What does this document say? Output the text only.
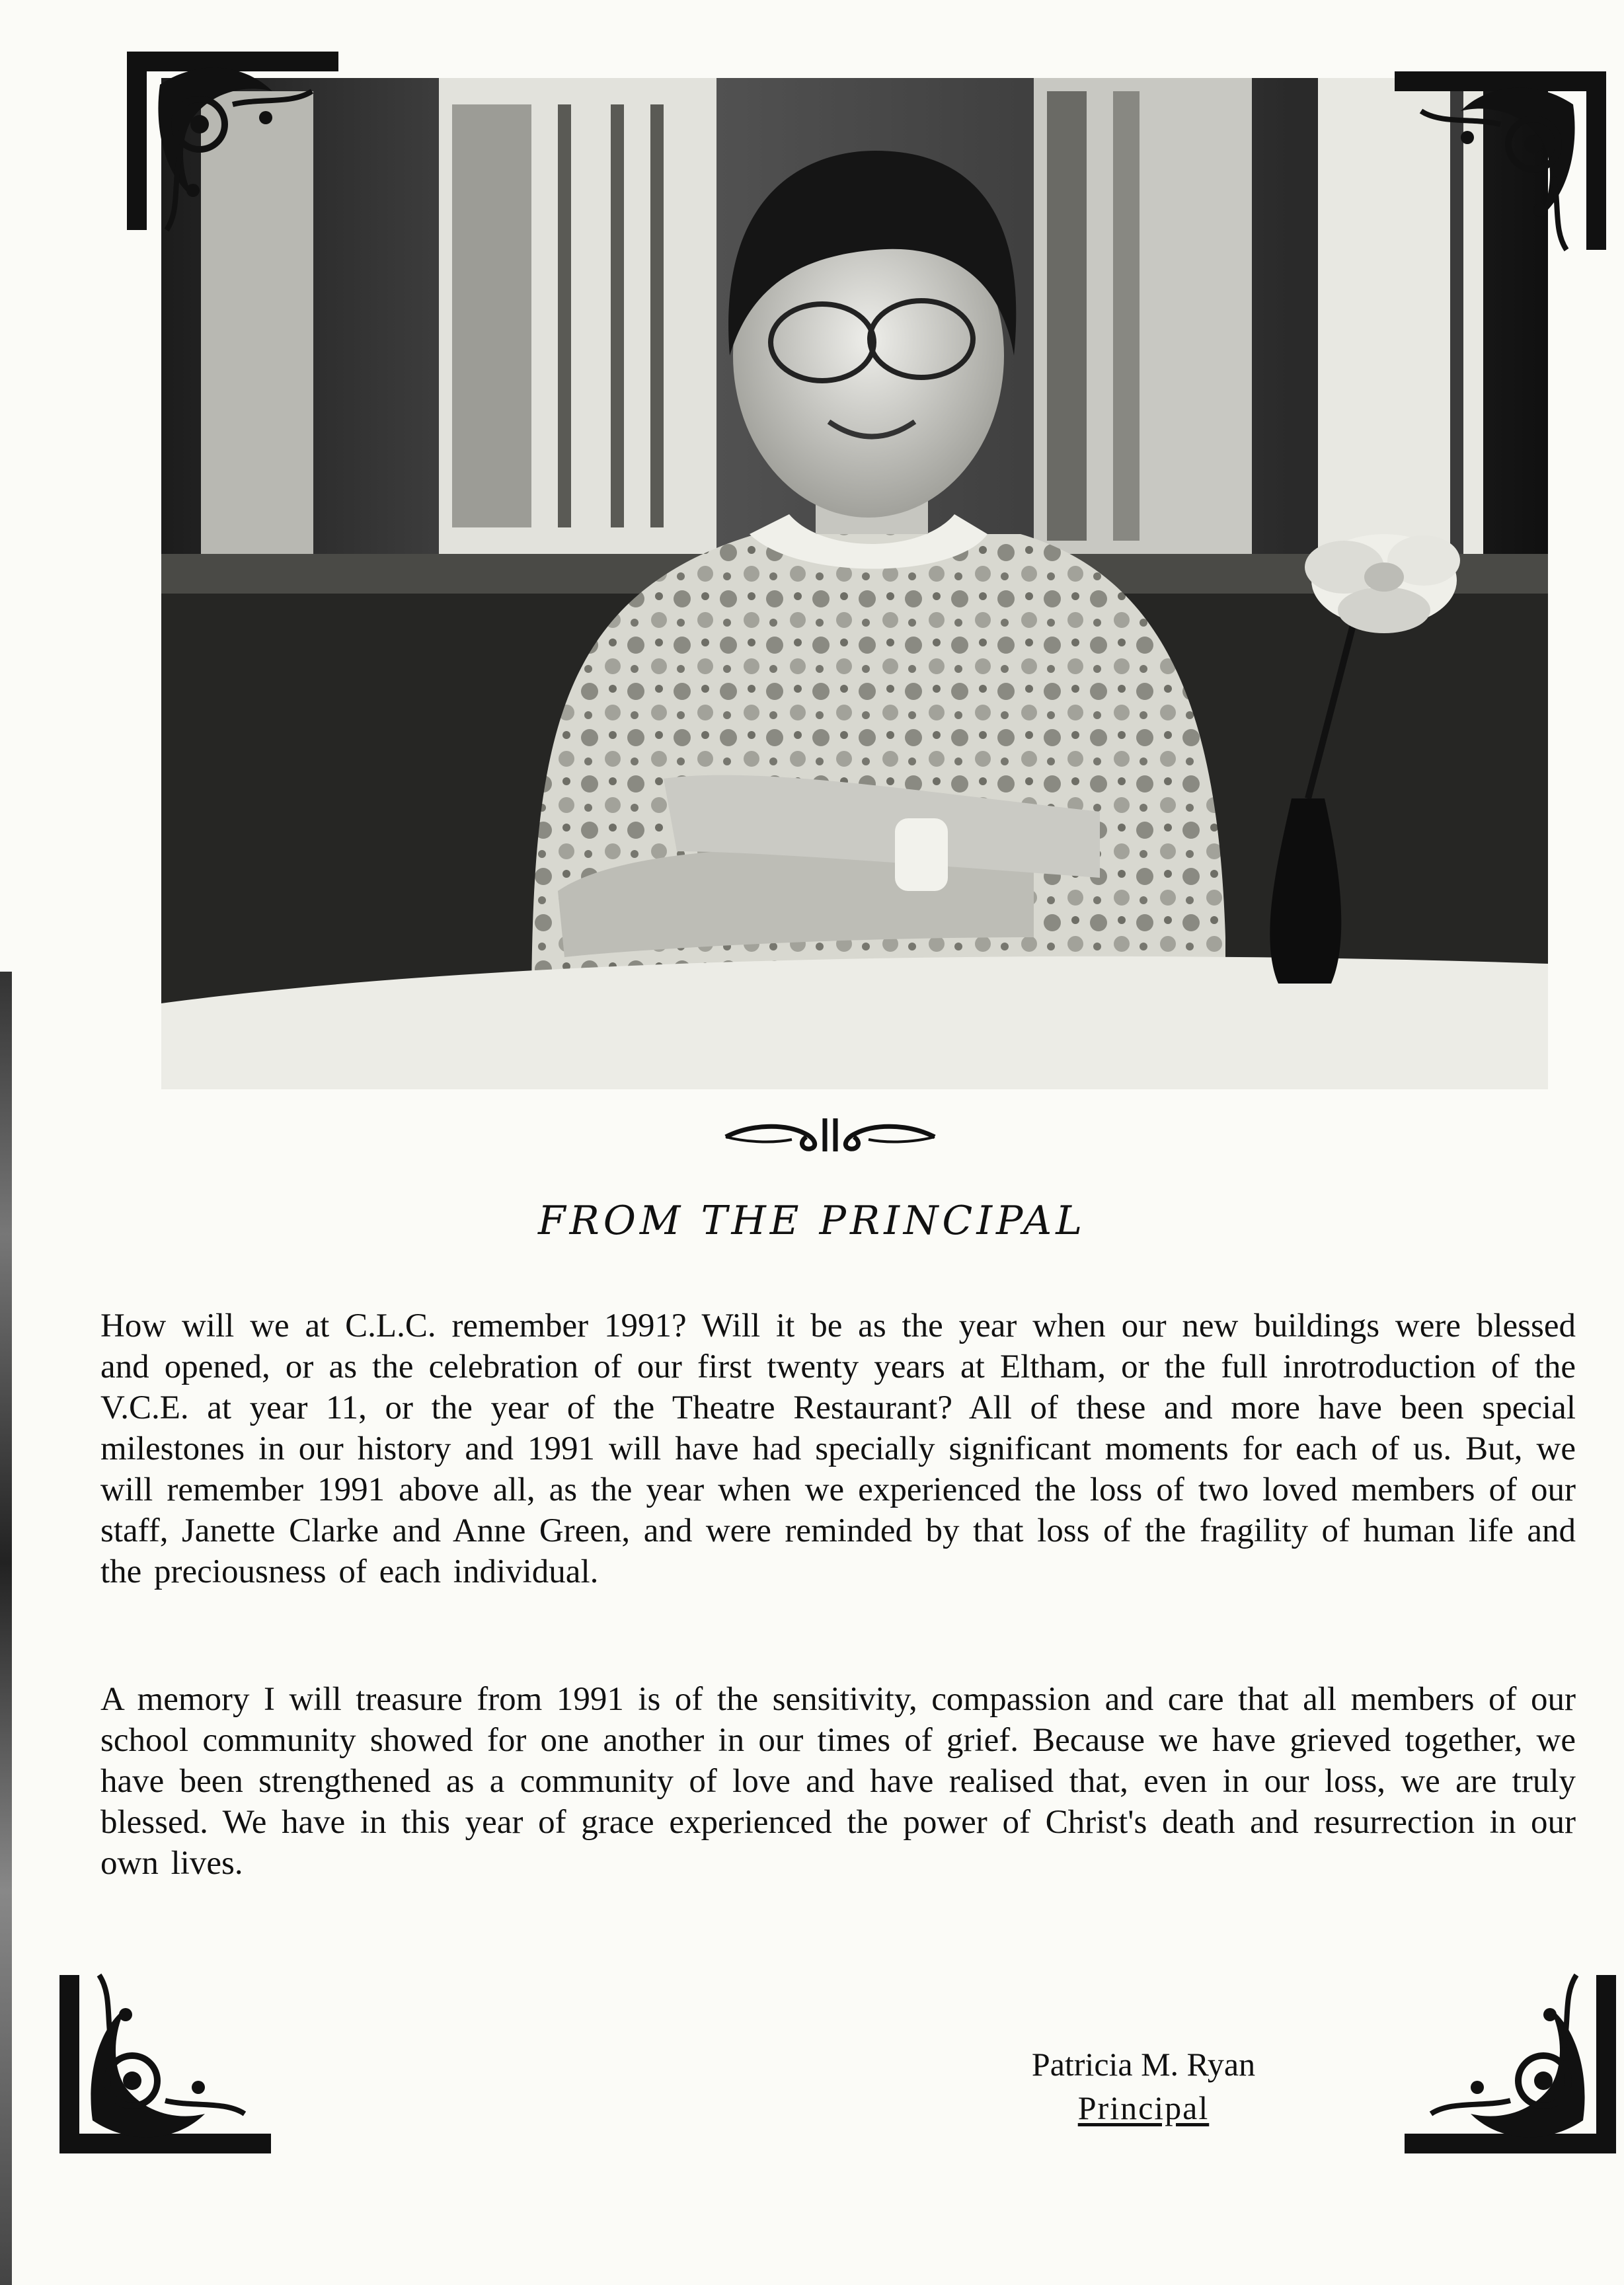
FROM THE PRINCIPAL

How will we at C.L.C. remember 1991? Will it be as the year when our new buildings were blessed and opened, or as the celebration of our first twenty years at Eltham, or the full inrotroduction of the V.C.E. at year 11, or the year of the Theatre Restaurant? All of these and more have been special milestones in our history and 1991 will have had specially significant moments for each of us. But, we will remember 1991 above all, as the year when we experienced the loss of two loved members of our staff, Janette Clarke and Anne Green, and were reminded by that loss of the fragility of human life and the preciousness of each individual.

A memory I will treasure from 1991 is of the sensitivity, compassion and care that all members of our school community showed for one another in our times of grief. Because we have grieved together, we have been strengthened as a community of love and have realised that, even in our loss, we are truly blessed. We have in this year of grace experienced the power of Christ's death and resurrection in our own lives.

Patricia M. Ryan
Principal
